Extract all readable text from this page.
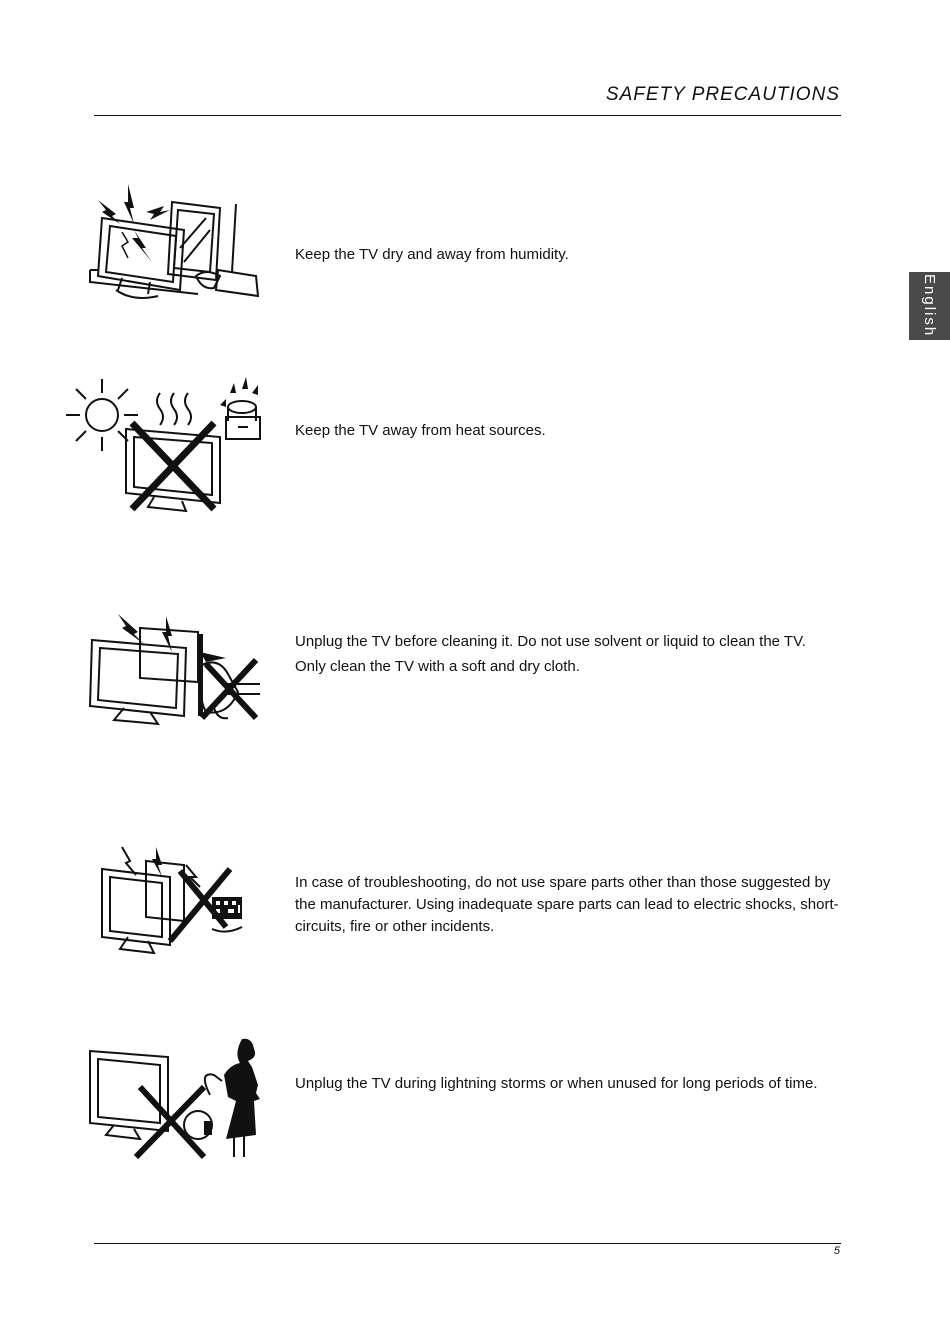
SAFETY PRECAUTIONS
English

Keep the TV dry and away from humidity.

Keep the TV away from heat sources.

Unplug the TV before cleaning it. Do not use solvent or liquid to clean the TV.

Only clean the TV with a soft and dry cloth.

In case of troubleshooting, do not use spare parts other than those suggested by the manufacturer. Using inadequate spare parts can lead to electric shocks, short-circuits, fire or other incidents.

Unplug the TV during lightning storms or when unused for long periods of time.

5
